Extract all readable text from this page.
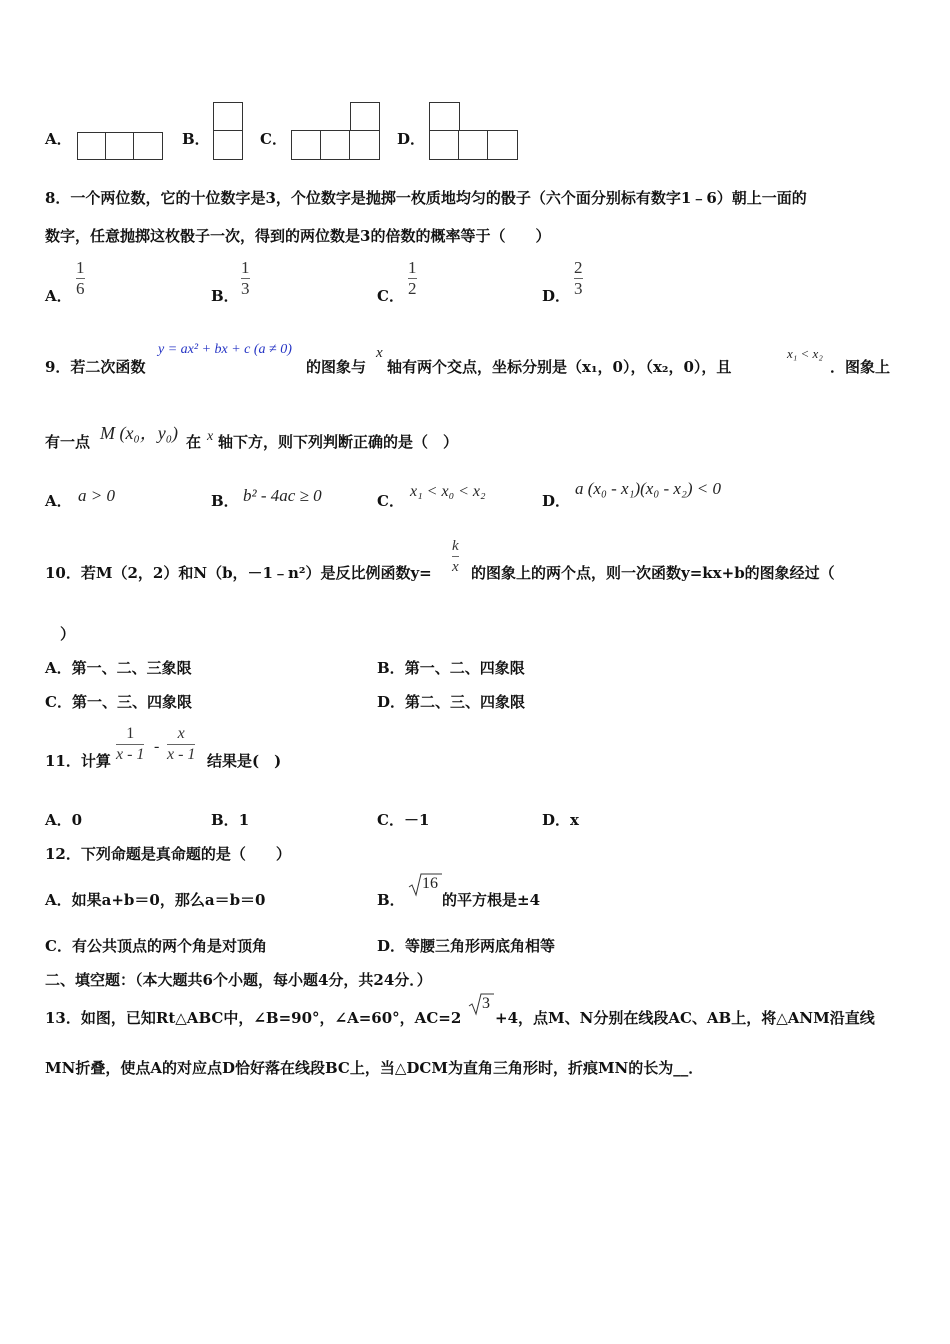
A．	B．	C．	D．
8．一个两位数，它的十位数字是3，个位数字是抛掷一枚质地均匀的骰子（六个面分别标有数字1﹣6）朝上一面的
数字，任意抛掷这枚骰子一次，得到的两位数是3的倍数的概率等于（　　）
A． $\frac{1}{6}$	B． $\frac{1}{3}$	C． $\frac{1}{2}$	D． $\frac{2}{3}$
9．若二次函数
y = ax² + bx + c (a ≠ 0)
的图象与
x
轴有两个交点，坐标分别是（x₁，0），（x₂，0），且
x₁ < x₂
．图象上
有一点 M (x₀，y₀) 在 x 轴下方，则下列判断正确的是（　）
A． a > 0	B． b² - 4ac ≥ 0	C．
x₁ < x₀ < x₂
D．
a (x₀ - x₁)(x₀ - x₂) < 0
10．若M（2，2）和N（b，－1﹣n²）是反比例函数$y= \frac{k}{x}$ 的图象上的两个点，则一次函数y=kx+b的图象经过（
）
A．第一、二、三象限	B．第一、二、四象限
C．第一、三、四象限	D．第二、三、四象限
11．计算 $\frac{1}{x - 1} - \frac{x}{x - 1}$ 结果是(　)
A．0	B．1	C．－1	D．x
12．下列命题是真命题的是（　　）
A．如果a+b＝0，那么a＝b＝0	B．
16
的平方根是±4
C．有公共顶点的两个角是对顶角	D．等腰三角形两底角相等
二、填空题：（本大题共6个小题，每小题4分，共24分．）
13．如图，已知Rt△ABC中，∠B=90°，∠A=60°，AC=2
3
+4，点M、N分别在线段AC、AB上，将△ANM沿直线
MN折叠，使点A的对应点D恰好落在线段BC上，当△DCM为直角三角形时，折痕MN的长为__．
